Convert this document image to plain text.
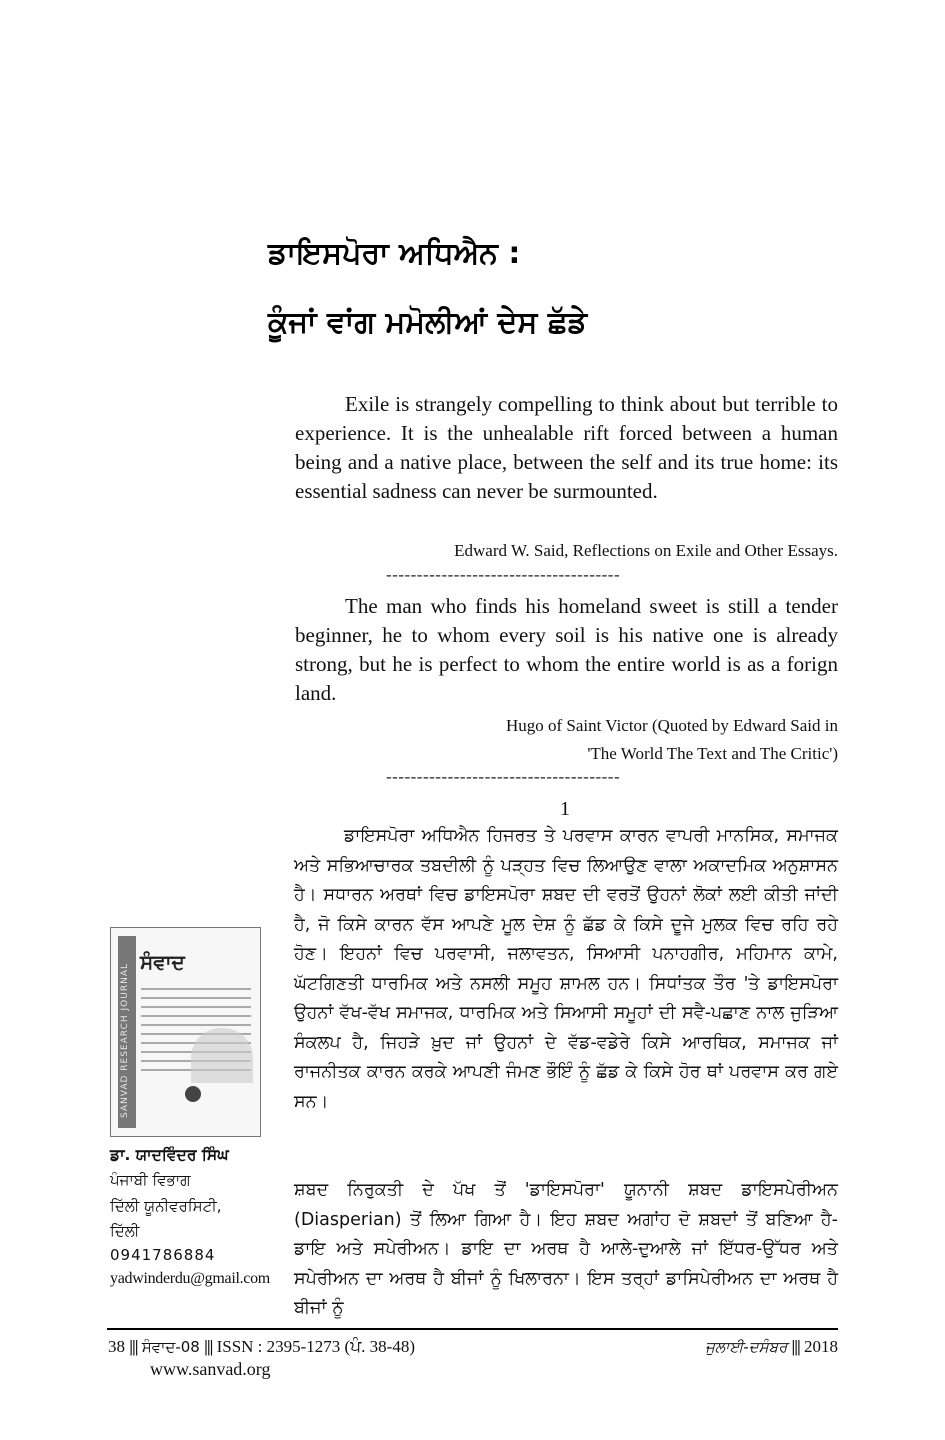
ਡਾਇਸਪੋਰਾ ਅਧਿਐਨ :
ਕੂੰਜਾਂ ਵਾਂਗ ਮਮੋਲੀਆਂ ਦੇਸ ਛੱਡੇ

Exile is strangely compelling to think about but terrible to experience. It is the unhealable rift forced between a human being and a native place, between the self and its true home: its essential sadness can never be surmounted.

Edward W. Said, Reflections on Exile and Other Essays.
--------------------------------------

The man who finds his homeland sweet is still a tender beginner, he to whom every soil is his native one is already strong, but he is perfect to whom the entire world is as a forign land.

Hugo of Saint Victor (Quoted by Edward Said in
'The World The Text and The Critic')
--------------------------------------
1

ਡਾਇਸਪੋਰਾ ਅਧਿਐਨ ਹਿਜਰਤ ਤੇ ਪਰਵਾਸ ਕਾਰਨ ਵਾਪਰੀ ਮਾਨਸਿਕ, ਸਮਾਜਕ ਅਤੇ ਸਭਿਆਚਾਰਕ ਤਬਦੀਲੀ ਨੂੰ ਪੜ੍ਹਤ ਵਿਚ ਲਿਆਉਣ ਵਾਲਾ ਅਕਾਦਮਿਕ ਅਨੁਸ਼ਾਸਨ ਹੈ। ਸਧਾਰਨ ਅਰਥਾਂ ਵਿਚ ਡਾਇਸਪੋਰਾ ਸ਼ਬਦ ਦੀ ਵਰਤੋਂ ਉਹਨਾਂ ਲੋਕਾਂ ਲਈ ਕੀਤੀ ਜਾਂਦੀ ਹੈ, ਜੋ ਕਿਸੇ ਕਾਰਨ ਵੱਸ ਆਪਣੇ ਮੂਲ ਦੇਸ਼ ਨੂੰ ਛੱਡ ਕੇ ਕਿਸੇ ਦੂਜੇ ਮੁਲਕ ਵਿਚ ਰਹਿ ਰਹੇ ਹੋਣ। ਇਹਨਾਂ ਵਿਚ ਪਰਵਾਸੀ, ਜਲਾਵਤਨ, ਸਿਆਸੀ ਪਨਾਹਗੀਰ, ਮਹਿਮਾਨ ਕਾਮੇ, ਘੱਟਗਿਣਤੀ ਧਾਰਮਿਕ ਅਤੇ ਨਸਲੀ ਸਮੂਹ ਸ਼ਾਮਲ ਹਨ। ਸਿਧਾਂਤਕ ਤੌਰ 'ਤੇ ਡਾਇਸਪੋਰਾ ਉਹਨਾਂ ਵੱਖ-ਵੱਖ ਸਮਾਜਕ, ਧਾਰਮਿਕ ਅਤੇ ਸਿਆਸੀ ਸਮੂਹਾਂ ਦੀ ਸਵੈ-ਪਛਾਣ ਨਾਲ ਜੁੜਿਆ ਸੰਕਲਪ ਹੈ, ਜਿਹੜੇ ਖ਼ੁਦ ਜਾਂ ਉਹਨਾਂ ਦੇ ਵੱਡ-ਵਡੇਰੇ ਕਿਸੇ ਆਰਥਿਕ, ਸਮਾਜਕ ਜਾਂ ਰਾਜਨੀਤਕ ਕਾਰਨ ਕਰਕੇ ਆਪਣੀ ਜੰਮਣ ਭੌਇੰ ਨੂੰ ਛੱਡ ਕੇ ਕਿਸੇ ਹੋਰ ਥਾਂ ਪਰਵਾਸ ਕਰ ਗਏ ਸਨ।

ਸ਼ਬਦ ਨਿਰੁਕਤੀ ਦੇ ਪੱਖ ਤੋਂ 'ਡਾਇਸਪੋਰਾ' ਯੂਨਾਨੀ ਸ਼ਬਦ ਡਾਇਸਪੇਰੀਅਨ (Diasperian) ਤੋਂ ਲਿਆ ਗਿਆ ਹੈ। ਇਹ ਸ਼ਬਦ ਅਗਾਂਹ ਦੋ ਸ਼ਬਦਾਂ ਤੋਂ ਬਣਿਆ ਹੈ- ਡਾਇ ਅਤੇ ਸਪੇਰੀਅਨ। ਡਾਇ ਦਾ ਅਰਥ ਹੈ ਆਲੇ-ਦੁਆਲੇ ਜਾਂ ਇੱਧਰ-ਉੱਧਰ ਅਤੇ ਸਪੇਰੀਅਨ ਦਾ ਅਰਥ ਹੈ ਬੀਜਾਂ ਨੂੰ ਖਿਲਾਰਨਾ। ਇਸ ਤਰ੍ਹਾਂ ਡਾਸਿਪੇਰੀਅਨ ਦਾ ਅਰਥ ਹੈ ਬੀਜਾਂ ਨੂੰ

SANVAD RESEARCH JOURNAL
ਸੰਵਾਦ
ਡਾ. ਯਾਦਵਿੰਦਰ ਸਿੰਘ
ਪੰਜਾਬੀ ਵਿਭਾਗ
ਦਿੱਲੀ ਯੂਨੀਵਰਸਿਟੀ,
ਦਿੱਲੀ
0941786884
yadwinderdu@gmail.com
38 ||| ਸੰਵਾਦ-08 ||| ISSN : 2395-1273 (ਪੰ. 38-48)	ਜੁਲਾਈ-ਦਸੰਬਰ ||| 2018
www.sanvad.org
